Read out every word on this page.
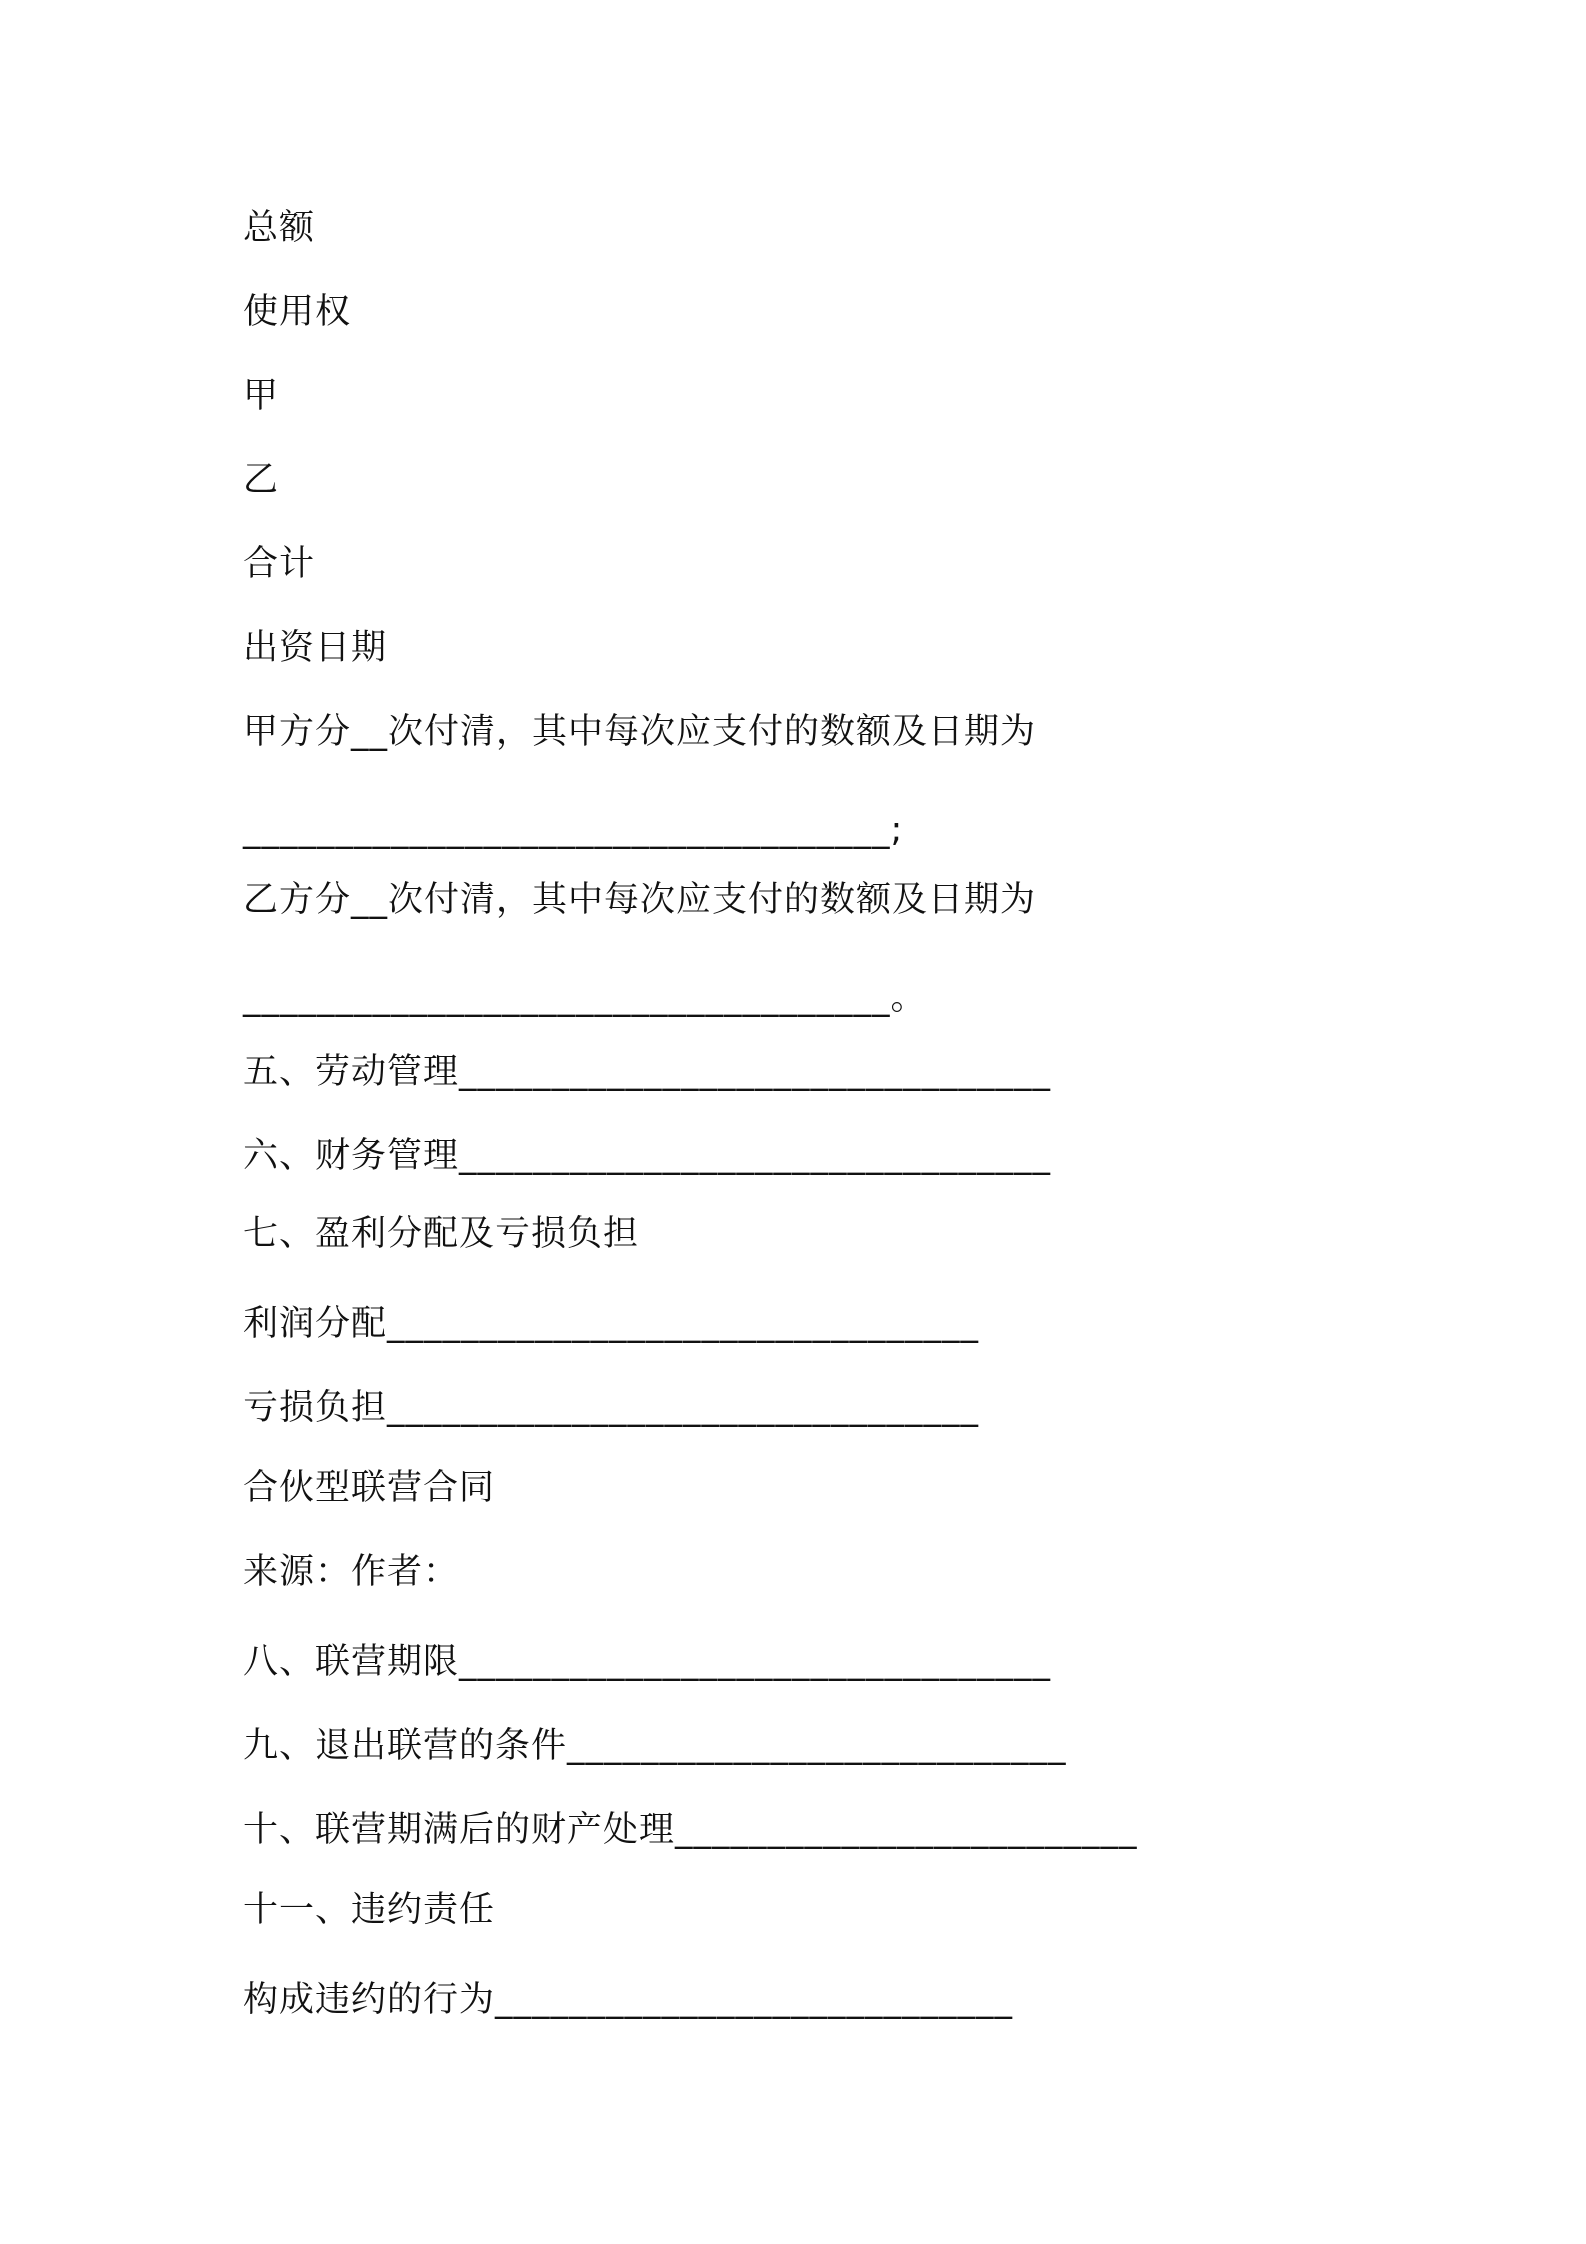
总额
使用权
甲
乙
合计
出资日期
甲方分__次付清，其中每次应支付的数额及日期为
___________________________________;
乙方分__次付清，其中每次应支付的数额及日期为
___________________________________。
五、劳动管理________________________________
六、财务管理________________________________
七、盈利分配及亏损负担
利润分配________________________________
亏损负担________________________________
合伙型联营合同
来源：作者：
八、联营期限________________________________
九、退出联营的条件___________________________
十、联营期满后的财产处理_________________________
十一、违约责任
构成违约的行为____________________________
